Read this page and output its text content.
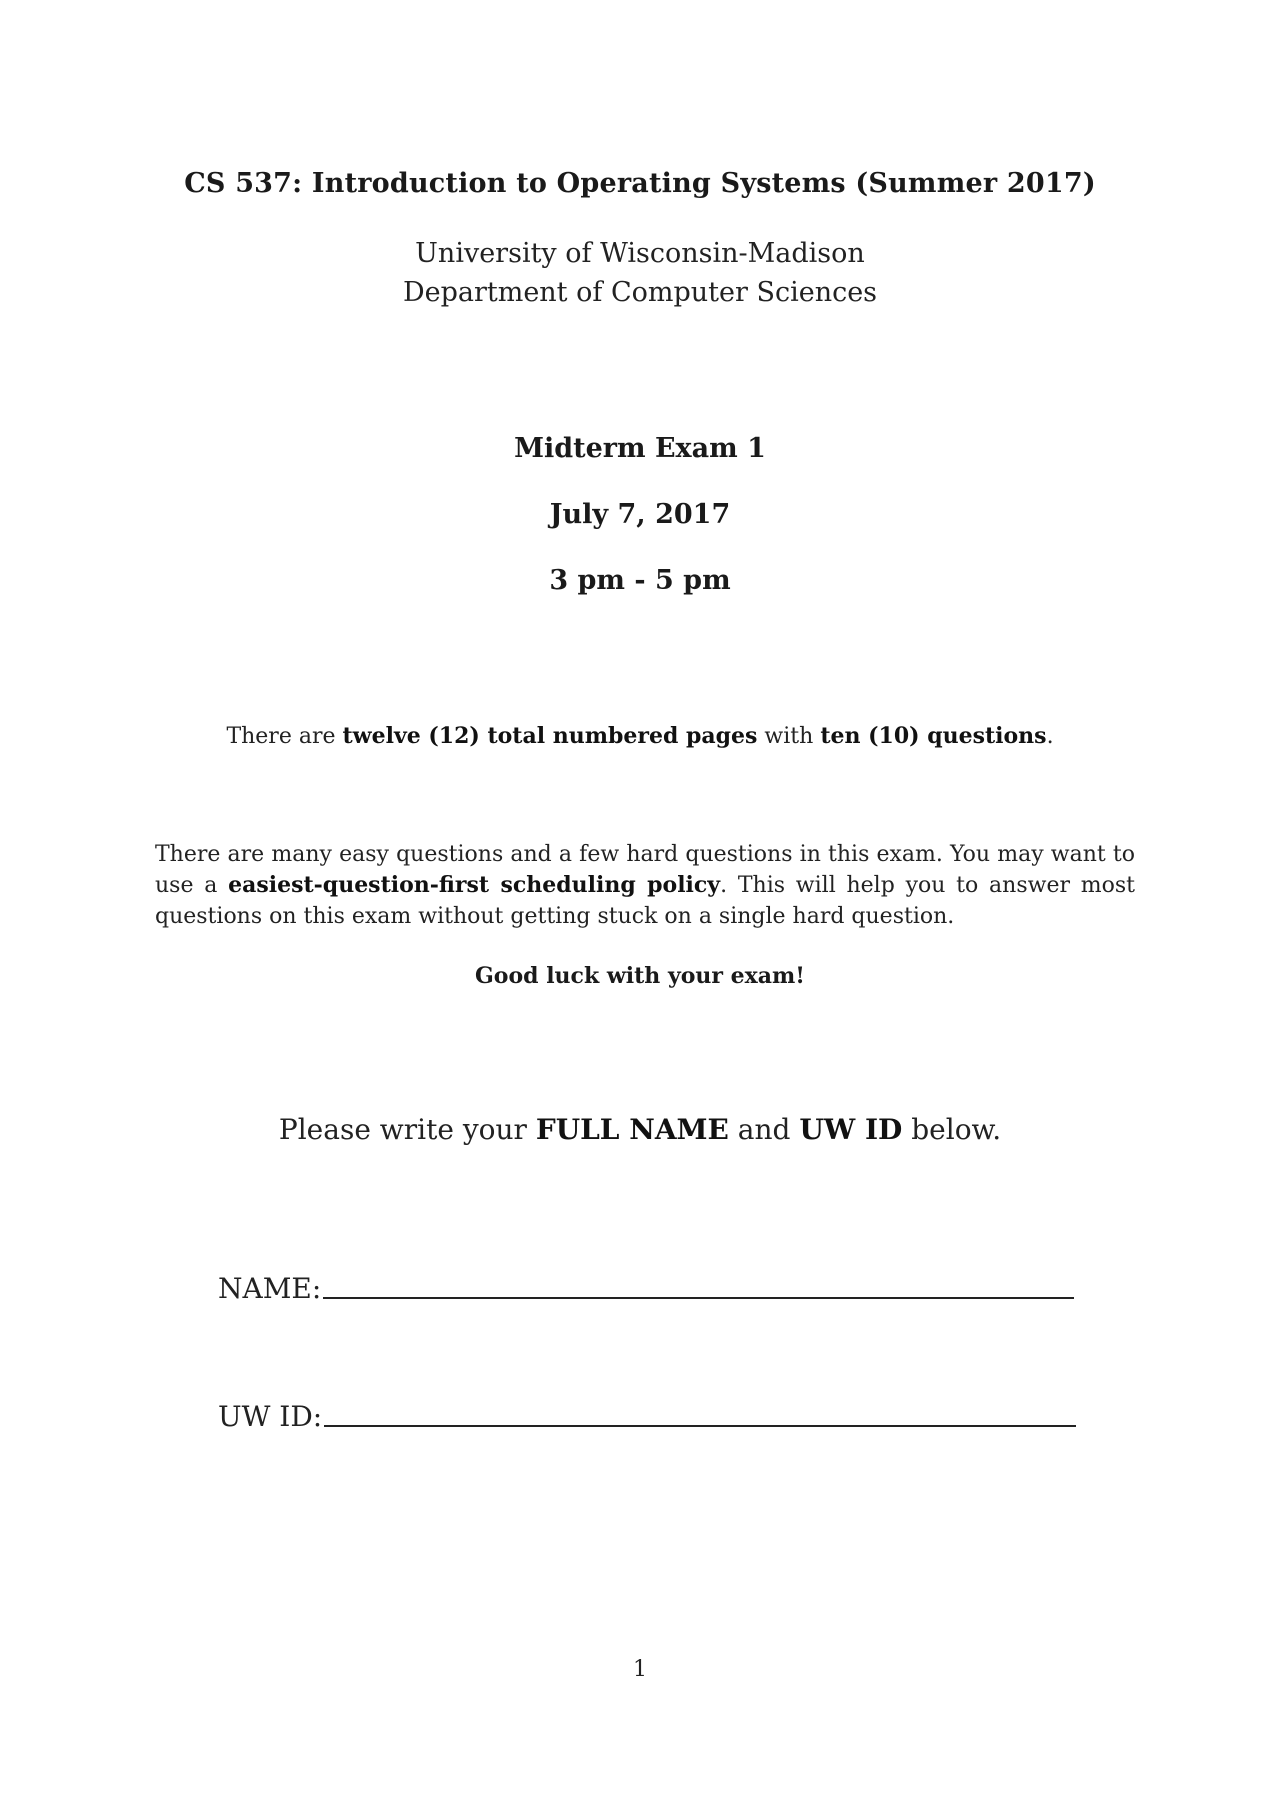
CS 537: Introduction to Operating Systems (Summer 2017)
University of Wisconsin-Madison
Department of Computer Sciences
Midterm Exam 1
July 7, 2017
3 pm - 5 pm
There are twelve (12) total numbered pages with ten (10) questions.
There are many easy questions and a few hard questions in this exam. You may want to use a easiest-question-first scheduling policy. This will help you to answer most questions on this exam without getting stuck on a single hard question.
Good luck with your exam!
Please write your FULL NAME and UW ID below.
NAME:
UW ID:
1
